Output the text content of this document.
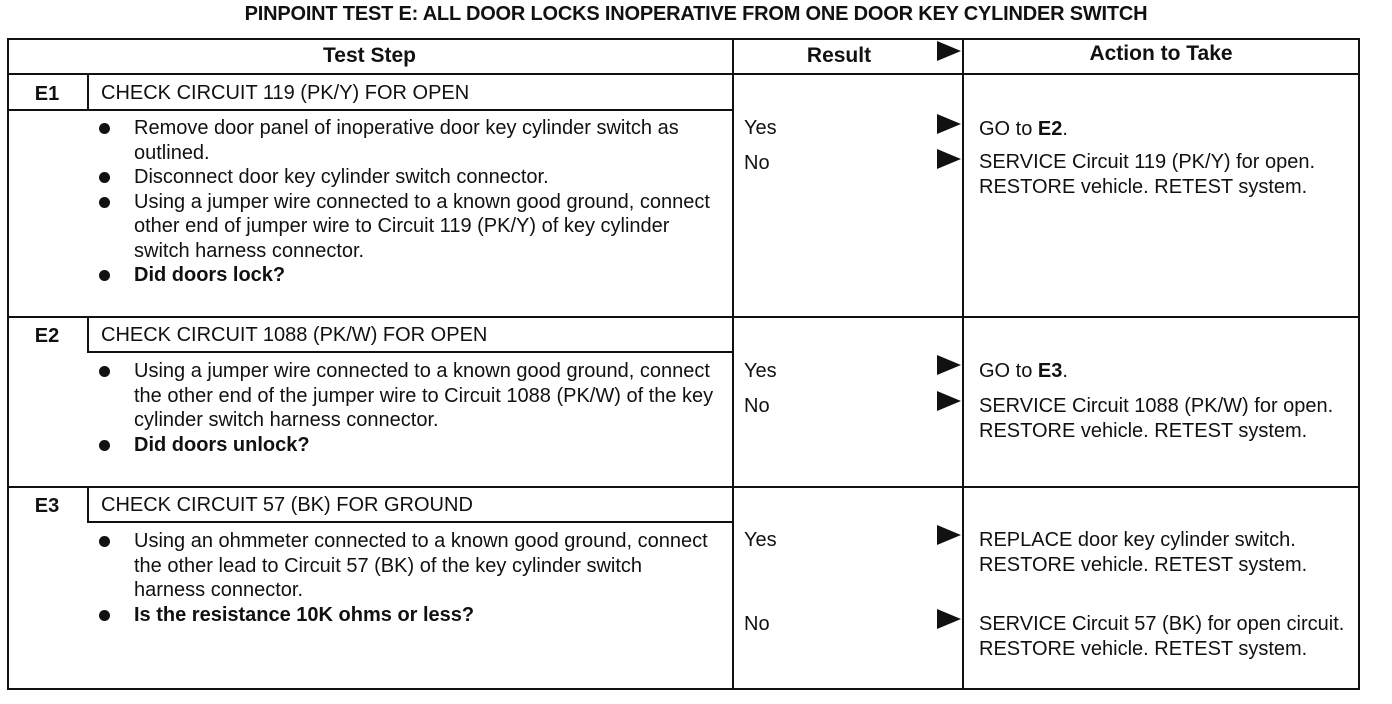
PINPOINT TEST E: ALL DOOR LOCKS INOPERATIVE FROM ONE DOOR KEY CYLINDER SWITCH
Test Step	Result	Action to Take
E1	CHECK CIRCUIT 119 (PK/Y) FOR OPEN
Remove door panel of inoperative door key cylinder switch as outlined.
Disconnect door key cylinder switch connector.
Using a jumper wire connected to a known good ground, connect other end of jumper wire to Circuit 119 (PK/Y) of key cylinder switch harness connector.
Did doors lock?
Yes	GO to E2.
No	SERVICE Circuit 119 (PK/Y) for open. RESTORE vehicle. RETEST system.
E2	CHECK CIRCUIT 1088 (PK/W) FOR OPEN
Using a jumper wire connected to a known good ground, connect the other end of the jumper wire to Circuit 1088 (PK/W) of the key cylinder switch harness connector.
Did doors unlock?
Yes	GO to E3.
No	SERVICE Circuit 1088 (PK/W) for open. RESTORE vehicle. RETEST system.
E3	CHECK CIRCUIT 57 (BK) FOR GROUND
Using an ohmmeter connected to a known good ground, connect the other lead to Circuit 57 (BK) of the key cylinder switch harness connector.
Is the resistance 10K ohms or less?
Yes	REPLACE door key cylinder switch. RESTORE vehicle. RETEST system.
No	SERVICE Circuit 57 (BK) for open circuit. RESTORE vehicle. RETEST system.
